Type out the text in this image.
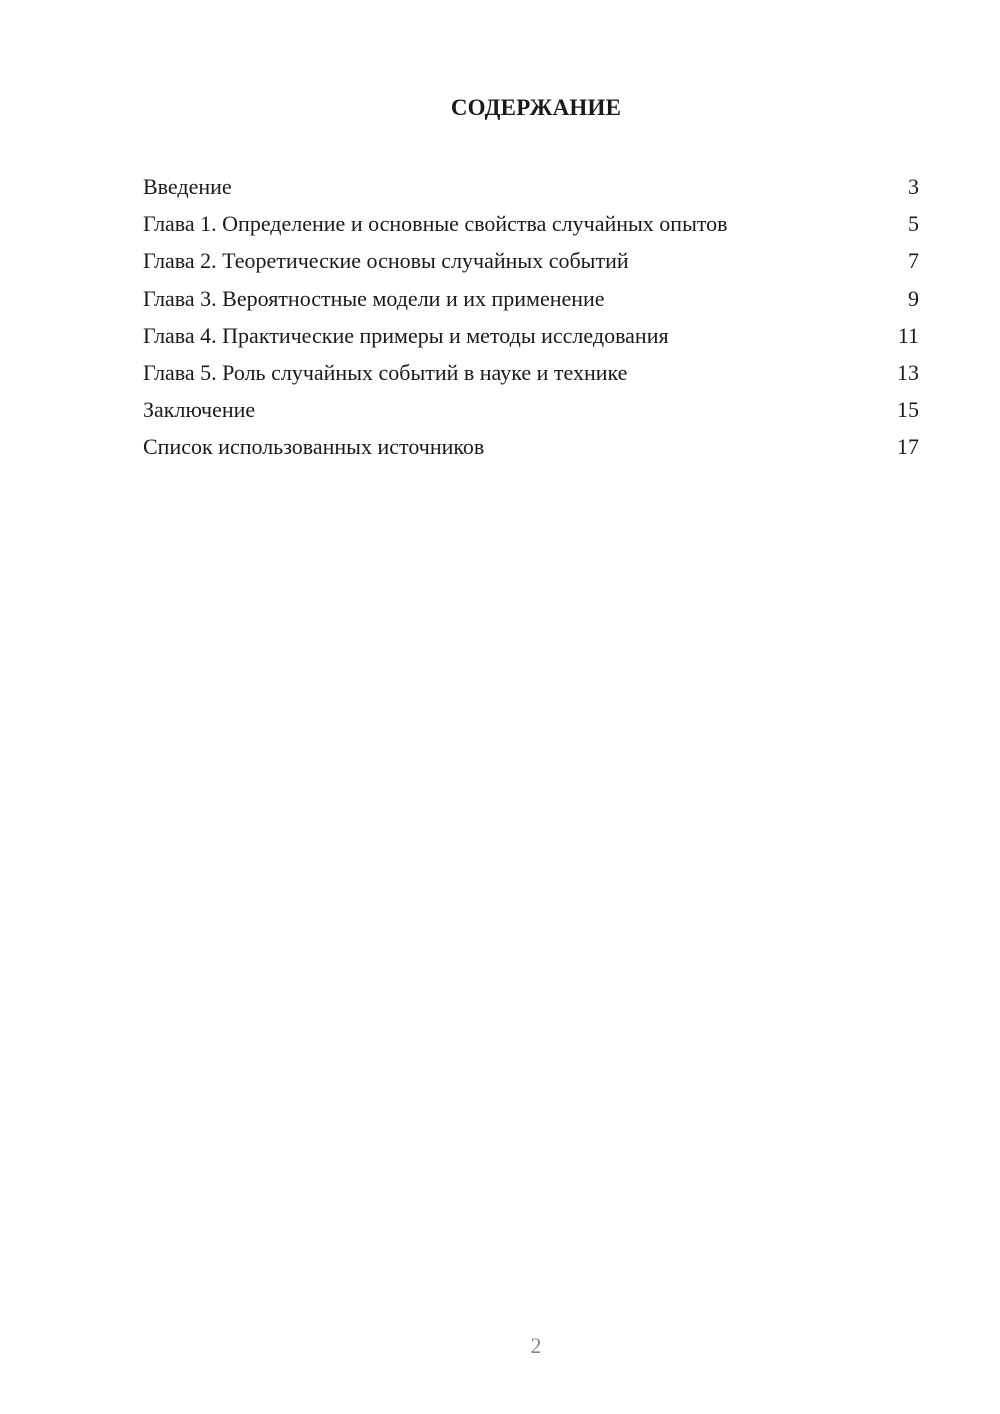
СОДЕРЖАНИЕ
Введение	3
Глава 1. Определение и основные свойства случайных опытов	5
Глава 2. Теоретические основы случайных событий	7
Глава 3. Вероятностные модели и их применение	9
Глава 4. Практические примеры и методы исследования	11
Глава 5. Роль случайных событий в науке и технике	13
Заключение	15
Список использованных источников	17
2
